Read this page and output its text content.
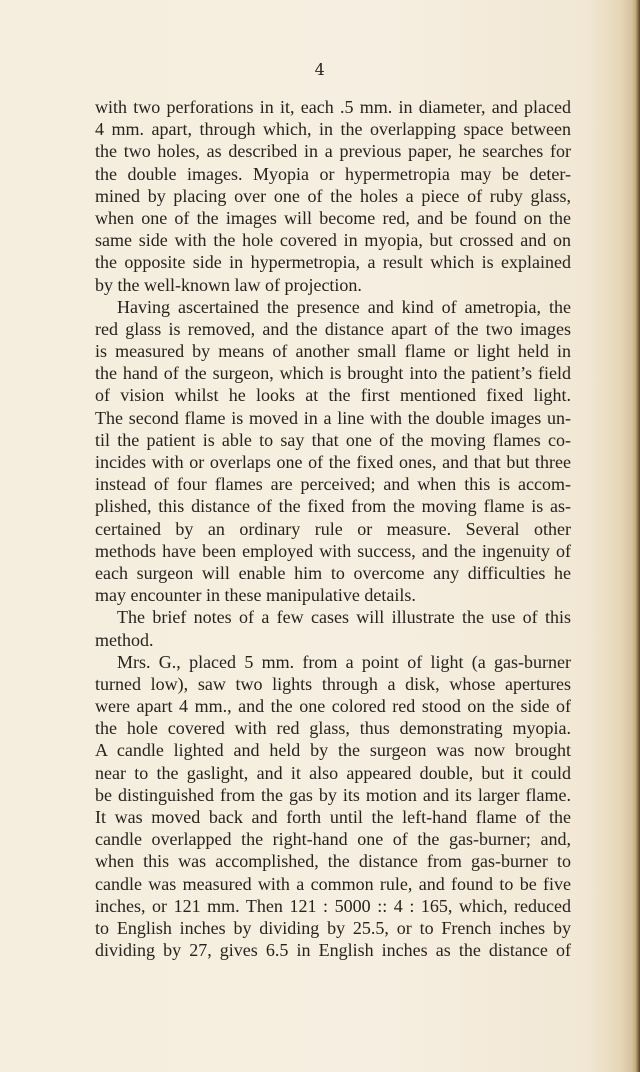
4
with two perforations in it, each .5 mm. in diameter, and placed
4 mm. apart, through which, in the overlapping space between
the two holes, as described in a previous paper, he searches for
the double images. Myopia or hypermetropia may be deter-
mined by placing over one of the holes a piece of ruby glass,
when one of the images will become red, and be found on the
same side with the hole covered in myopia, but crossed and on
the opposite side in hypermetropia, a result which is explained
by the well-known law of projection.
Having ascertained the presence and kind of ametropia, the
red glass is removed, and the distance apart of the two images
is measured by means of another small flame or light held in
the hand of the surgeon, which is brought into the patient’s field
of vision whilst he looks at the first mentioned fixed light.
The second flame is moved in a line with the double images un-
til the patient is able to say that one of the moving flames co-
incides with or overlaps one of the fixed ones, and that but three
instead of four flames are perceived; and when this is accom-
plished, this distance of the fixed from the moving flame is as-
certained by an ordinary rule or measure. Several other
methods have been employed with success, and the ingenuity of
each surgeon will enable him to overcome any difficulties he
may encounter in these manipulative details.
The brief notes of a few cases will illustrate the use of this
method.
Mrs. G., placed 5 mm. from a point of light (a gas-burner
turned low), saw two lights through a disk, whose apertures
were apart 4 mm., and the one colored red stood on the side of
the hole covered with red glass, thus demonstrating myopia.
A candle lighted and held by the surgeon was now brought
near to the gaslight, and it also appeared double, but it could
be distinguished from the gas by its motion and its larger flame.
It was moved back and forth until the left-hand flame of the
candle overlapped the right-hand one of the gas-burner; and,
when this was accomplished, the distance from gas-burner to
candle was measured with a common rule, and found to be five
inches, or 121 mm. Then 121 : 5000 :: 4 : 165, which, reduced
to English inches by dividing by 25.5, or to French inches by
dividing by 27, gives 6.5 in English inches as the distance of
